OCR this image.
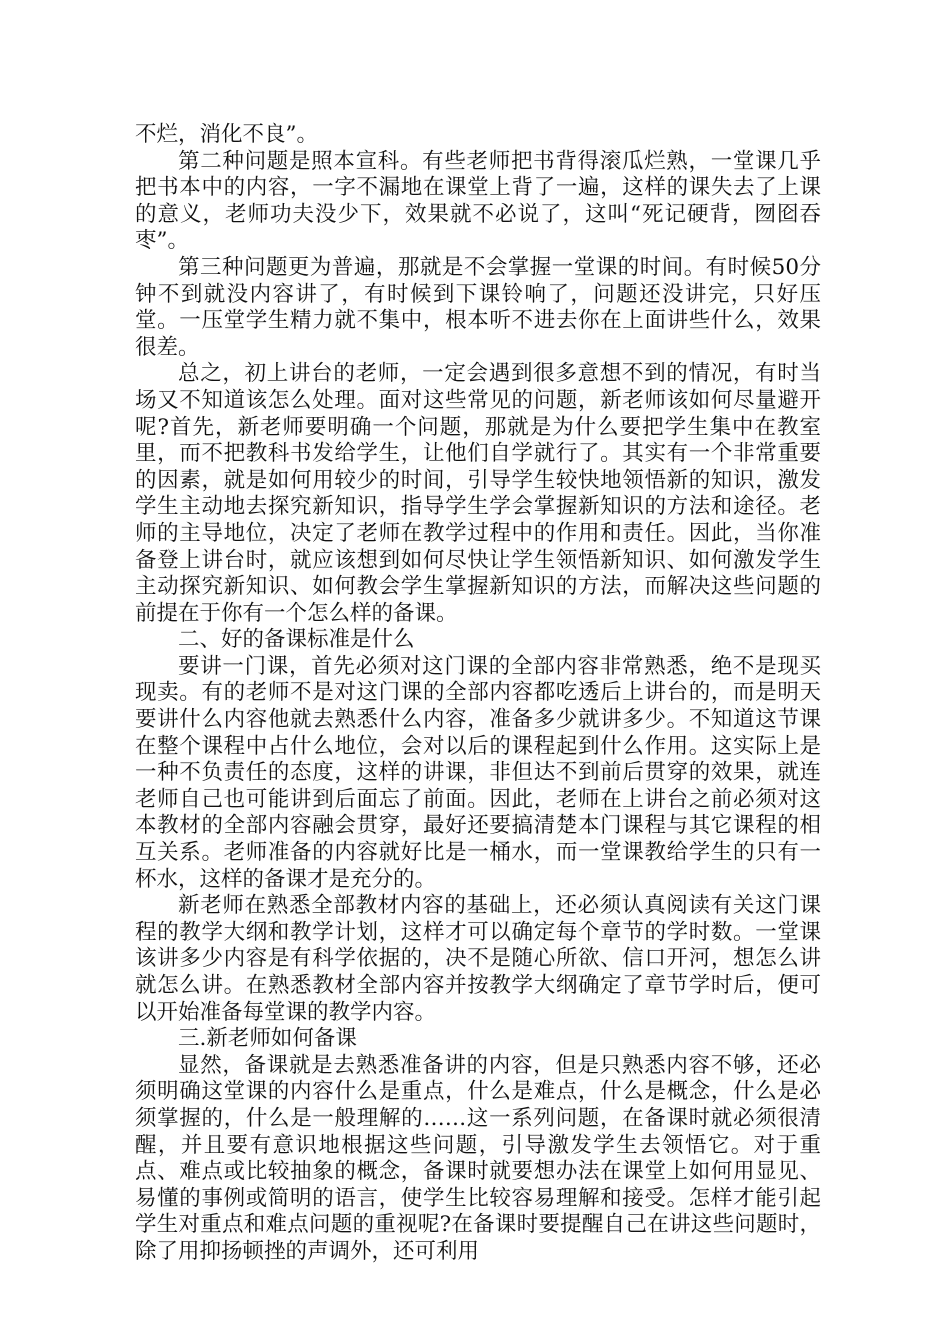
不烂，消化不良”。

第二种问题是照本宣科。有些老师把书背得滚瓜烂熟，一堂课几乎把书本中的内容，一字不漏地在课堂上背了一遍，这样的课失去了上课的意义，老师功夫没少下，效果就不必说了，这叫“死记硬背，囫囵吞枣”。

第三种问题更为普遍，那就是不会掌握一堂课的时间。有时候50分钟不到就没内容讲了，有时候到下课铃响了，问题还没讲完，只好压堂。一压堂学生精力就不集中，根本听不进去你在上面讲些什么，效果很差。

总之，初上讲台的老师，一定会遇到很多意想不到的情况，有时当场又不知道该怎么处理。面对这些常见的问题，新老师该如何尽量避开呢?首先，新老师要明确一个问题，那就是为什么要把学生集中在教室里，而不把教科书发给学生，让他们自学就行了。其实有一个非常重要的因素，就是如何用较少的时间，引导学生较快地领悟新的知识，激发学生主动地去探究新知识，指导学生学会掌握新知识的方法和途径。老师的主导地位，决定了老师在教学过程中的作用和责任。因此，当你准备登上讲台时，就应该想到如何尽快让学生领悟新知识、如何激发学生主动探究新知识、如何教会学生掌握新知识的方法，而解决这些问题的前提在于你有一个怎么样的备课。

二、好的备课标准是什么

要讲一门课，首先必须对这门课的全部内容非常熟悉，绝不是现买现卖。有的老师不是对这门课的全部内容都吃透后上讲台的，而是明天要讲什么内容他就去熟悉什么内容，准备多少就讲多少。不知道这节课在整个课程中占什么地位，会对以后的课程起到什么作用。这实际上是一种不负责任的态度，这样的讲课，非但达不到前后贯穿的效果，就连老师自己也可能讲到后面忘了前面。因此，老师在上讲台之前必须对这本教材的全部内容融会贯穿，最好还要搞清楚本门课程与其它课程的相互关系。老师准备的内容就好比是一桶水，而一堂课教给学生的只有一杯水，这样的备课才是充分的。

新老师在熟悉全部教材内容的基础上，还必须认真阅读有关这门课程的教学大纲和教学计划，这样才可以确定每个章节的学时数。一堂课该讲多少内容是有科学依据的，决不是随心所欲、信口开河，想怎么讲就怎么讲。在熟悉教材全部内容并按教学大纲确定了章节学时后，便可以开始准备每堂课的教学内容。

三.新老师如何备课

显然，备课就是去熟悉准备讲的内容，但是只熟悉内容不够，还必须明确这堂课的内容什么是重点，什么是难点，什么是概念，什么是必须掌握的，什么是一般理解的……这一系列问题，在备课时就必须很清醒，并且要有意识地根据这些问题，引导激发学生去领悟它。对于重点、难点或比较抽象的概念，备课时就要想办法在课堂上如何用显见、易懂的事例或简明的语言，使学生比较容易理解和接受。怎样才能引起学生对重点和难点问题的重视呢?在备课时要提醒自己在讲这些问题时，除了用抑扬顿挫的声调外，还可利用
